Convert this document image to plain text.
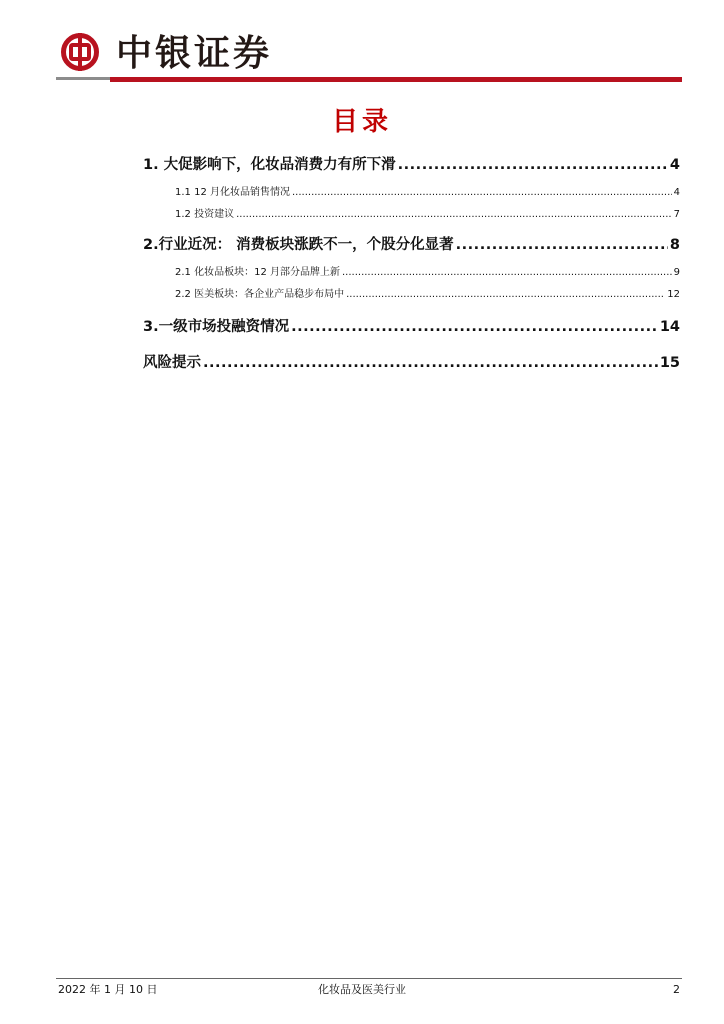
中银证券
目录
1. 大促影响下，化妆品消费力有所下滑 .....	4
1.1 12 月化妆品销售情况 .....	4
1.2 投资建议 .....	7
2.行业近况： 消费板块涨跌不一，个股分化显著 .....	8
2.1 化妆品板块：12 月部分品牌上新 .....	9
2.2 医美板块：各企业产品稳步布局中 .....	12
3.一级市场投融资情况 .....	14
风险提示 .....	15
2022 年 1 月 10 日	化妆品及医美行业	2
